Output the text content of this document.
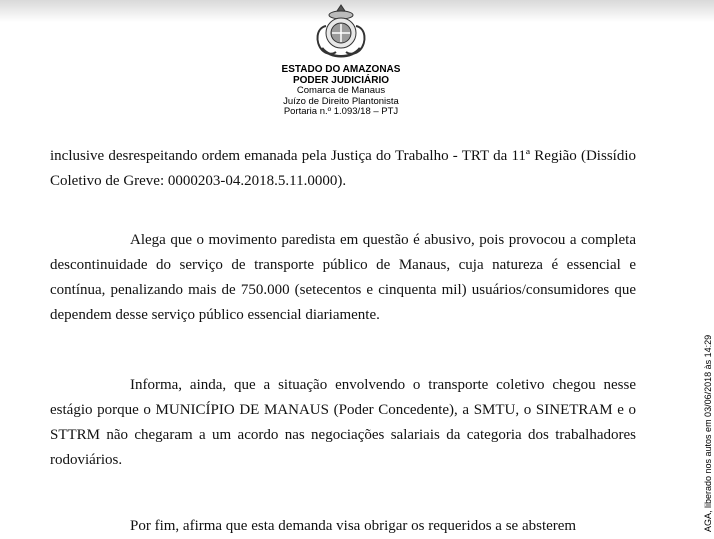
ESTADO DO AMAZONAS
PODER JUDICIÁRIO
Comarca de Manaus
Juízo de Direito Plantonista
Portaria n.º 1.093/18 – PTJ

inclusive desrespeitando ordem emanada pela Justiça do Trabalho - TRT da 11ª Região (Dissídio Coletivo de Greve: 0000203-04.2018.5.11.0000).

Alega que o movimento paredista em questão é abusivo, pois provocou a completa descontinuidade do serviço de transporte público de Manaus, cuja natureza é essencial e contínua, penalizando mais de 750.000 (setecentos e cinquenta mil) usuários/consumidores que dependem desse serviço público essencial diariamente.

Informa, ainda, que a situação envolvendo o transporte coletivo chegou nesse estágio porque o MUNICÍPIO DE MANAUS (Poder Concedente), a SMTU, o SINETRAM e o STTRM não chegaram a um acordo nas negociações salariais da categoria dos trabalhadores rodoviários.

Por fim, afirma que esta demanda visa obrigar os requeridos a se absterem	AGA, liberado nos autos em 03/06/2018 às 14:29
